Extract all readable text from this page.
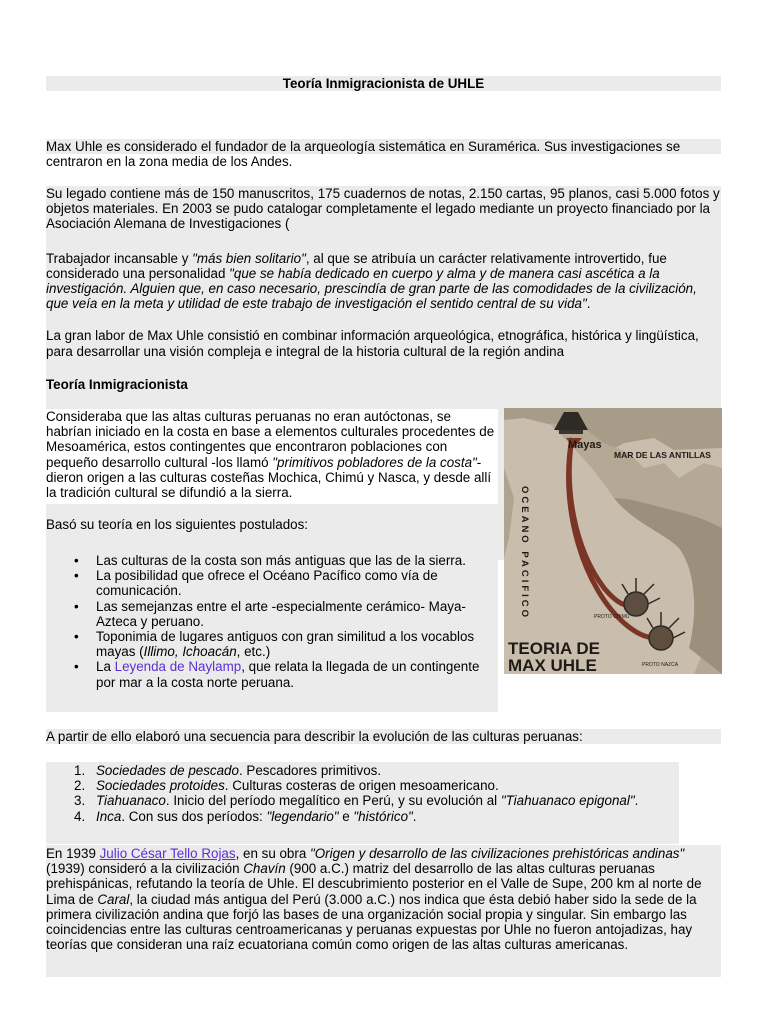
Teoría Inmigracionista de UHLE

Max Uhle es considerado el fundador de la arqueología sistemática en Suramérica. Sus investigaciones se centraron en la zona media de los Andes.

Su legado contiene más de 150 manuscritos, 175 cuadernos de notas, 2.150 cartas, 95 planos, casi 5.000 fotos y objetos materiales. En 2003 se pudo catalogar completamente el legado mediante un proyecto financiado por la Asociación Alemana de Investigaciones (

Trabajador incansable y "más bien solitario", al que se atribuía un carácter relativamente introvertido, fue considerado una personalidad "que se había dedicado en cuerpo y alma y de manera casi ascética a la investigación. Alguien que, en caso necesario, prescindía de gran parte de las comodidades de la civilización, que veía en la meta y utilidad de este trabajo de investigación el sentido central de su vida".

La gran labor de Max Uhle consistió en combinar información arqueológica, etnográfica, histórica y lingüística, para desarrollar una visión compleja e integral de la historia cultural de la región andina

Teoría Inmigracionista

Consideraba que las altas culturas peruanas no eran autóctonas, se habrían iniciado en la costa en base a elementos culturales procedentes de Mesoamérica, estos contingentes que encontraron poblaciones con pequeño desarrollo cultural -los llamó "primitivos pobladores de la costa"- dieron origen a las culturas costeñas Mochica, Chimú y Nasca, y desde allí la tradición cultural se difundió a la sierra.
Basó su teoría en los siguientes postulados:
• Las culturas de la costa son más antiguas que las de la sierra.
• La posibilidad que ofrece el Océano Pacífico como vía de comunicación.
• Las semejanzas entre el arte -especialmente cerámico- Maya-Azteca y peruano.
• Toponimia de lugares antiguos con gran similitud a los vocablos mayas (Illimo, Ichoacán, etc.)
• La Leyenda de Naylamp, que relata la llegada de un contingente por mar a la costa norte peruana.
Mayas
MAR DE LAS ANTILLAS
OCEANO PACIFICO	PROTO CHIMU
PROTO NAZCA
TEORIA DE
MAX UHLE
A partir de ello elaboró una secuencia para describir la evolución de las culturas peruanas:
1. Sociedades de pescado. Pescadores primitivos.
2. Sociedades protoides. Culturas costeras de origen mesoamericano.
3. Tiahuanaco. Inicio del período megalítico en Perú, y su evolución al "Tiahuanaco epigonal".
4. Inca. Con sus dos períodos: "legendario" e "histórico".
En 1939 Julio César Tello Rojas, en su obra "Origen y desarrollo de las civilizaciones prehistóricas andinas" (1939) consideró a la civilización Chavín (900 a.C.) matriz del desarrollo de las altas culturas peruanas prehispánicas, refutando la teoría de Uhle. El descubrimiento posterior en el Valle de Supe, 200 km al norte de Lima de Caral, la ciudad más antigua del Perú (3.000 a.C.) nos indica que ésta debió haber sido la sede de la primera civilización andina que forjó las bases de una organización social propia y singular. Sin embargo las coincidencias entre las culturas centroamericanas y peruanas expuestas por Uhle no fueron antojadizas, hay teorías que consideran una raíz ecuatoriana común como origen de las altas culturas americanas.
